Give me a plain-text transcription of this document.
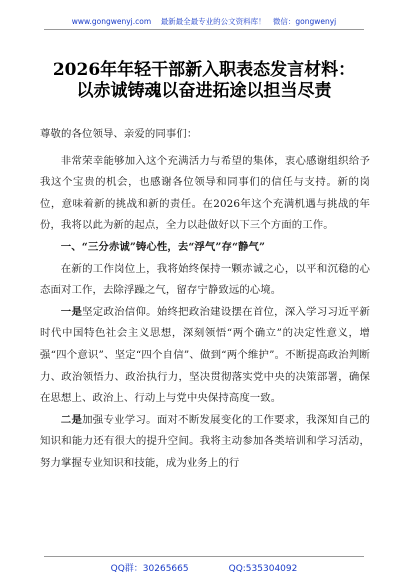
www.gongwenyj.com 最新最全最专业的公文资料库！ 微信：gongwenyj
2026年年轻干部新入职表态发言材料：
以赤诚铸魂以奋进拓途以担当尽责

尊敬的各位领导、亲爱的同事们：

非常荣幸能够加入这个充满活力与希望的集体，衷心感谢组织给予我这个宝贵的机会，也感谢各位领导和同事们的信任与支持。新的岗位，意味着新的挑战和新的责任。在2026年这个充满机遇与挑战的年份，我将以此为新的起点，全力以赴做好以下三个方面的工作。

一、“三分赤诚”铸心性，去“浮气”存“静气”

在新的工作岗位上，我将始终保持一颗赤诚之心，以平和沉稳的心态面对工作，去除浮躁之气，留存宁静致远的心境。

一是坚定政治信仰。始终把政治建设摆在首位，深入学习习近平新时代中国特色社会主义思想，深刻领悟“两个确立”的决定性意义，增强“四个意识”、坚定“四个自信”、做到“两个维护”。不断提高政治判断力、政治领悟力、政治执行力，坚决贯彻落实党中央的决策部署，确保在思想上、政治上、行动上与党中央保持高度一致。

二是加强专业学习。面对不断发展变化的工作要求，我深知自己的知识和能力还有很大的提升空间。我将主动参加各类培训和学习活动，努力掌握专业知识和技能，成为业务上的行

QQ群：30265665	QQ:535304092
